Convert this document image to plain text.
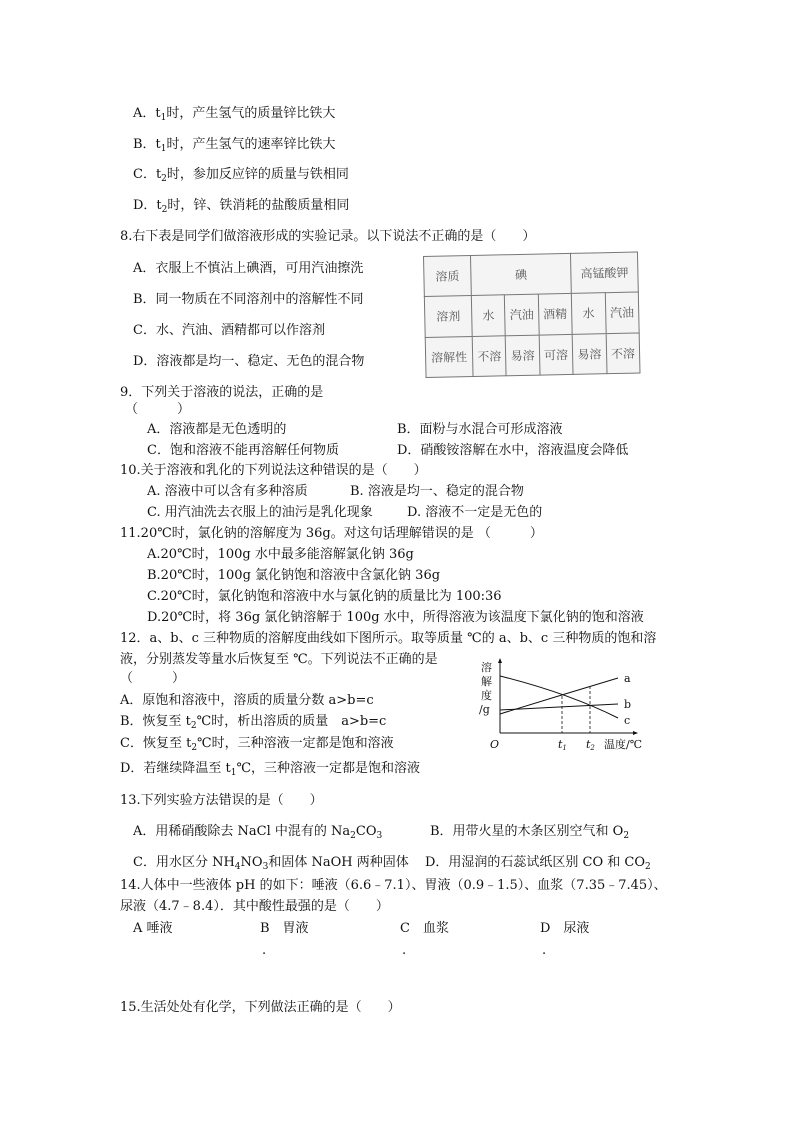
A．$t_1$时，产生氢气的质量锌比铁大
B．$t_1$时，产生氢气的速率锌比铁大
C．$t_2$时，参加反应锌的质量与铁相同
D．$t_2$时，锌、铁消耗的盐酸质量相同
8.右下表是同学们做溶液形成的实验记录。以下说法不正确的是（　　）
A．衣服上不慎沾上碘酒，可用汽油擦洗
B．同一物质在不同溶剂中的溶解性不同
C．水、汽油、酒精都可以作溶剂
D．溶液都是均一、稳定、无色的混合物
溶质	碘			高锰酸钾	
溶剂	水	汽油	酒精	水	汽油
溶解性	不溶	易溶	可溶	易溶	不溶
9．下列关于溶液的说法，正确的是
（　　　）
A．溶液都是无色透明的	B．面粉与水混合可形成溶液
C．饱和溶液不能再溶解任何物质	D．硝酸铵溶解在水中，溶液温度会降低
10.关于溶液和乳化的下列说法这种错误的是（　　）
A. 溶液中可以含有多种溶质	B. 溶液是均一、稳定的混合物
C. 用汽油洗去衣服上的油污是乳化现象	D. 溶液不一定是无色的
11.20℃时，氯化钠的溶解度为 36g。对这句话理解错误的是 （　　　）
A.20℃时，100g 水中最多能溶解氯化钠 36g
B.20℃时，100g 氯化钠饱和溶液中含氯化钠 36g
C.20℃时，氯化钠饱和溶液中水与氯化钠的质量比为 100:36
D.20℃时，将 36g 氯化钠溶解于 100g 水中，所得溶液为该温度下氯化钠的饱和溶液
12．a、b、c 三种物质的溶解度曲线如下图所示。取等质量 ℃的 a、b、c 三种物质的饱和溶
液，分别蒸发等量水后恢复至 ℃。下列说法不正确的是
（　　　）
A．原饱和溶液中，溶质的质量分数 a>b=c
B．恢复至 $t_2℃$时，析出溶质的质量　a>b=c
C．恢复至 $t_2℃$时，三种溶液一定都是饱和溶液
D．若继续降温至 $t_1℃$，三种溶液一定都是饱和溶液
溶
解
度
/g
a
b
c
O	t1 t2 温度/℃
13.下列实验方法错误的是（　　）
A．用稀硝酸除去 NaCl 中混有的 $Na_2CO_3$	B．用带火星的木条区别空气和 $O_2$
C．用水区分 $NH_4NO_3$和固体 NaOH 两种固体 D．用湿润的石蕊试纸区别 CO 和 $CO_2$
14.人体中一些液体 pH 的如下：唾液（6.6﹣7.1）、胃液（0.9﹣1.5）、血浆（7.35﹣7.45）、
尿液（4.7﹣8.4）．其中酸性最强的是（　　）
A 唾液	B　胃液	C　血浆	D　尿液
.	.	.
15.生活处处有化学，下列做法正确的是（　　）
